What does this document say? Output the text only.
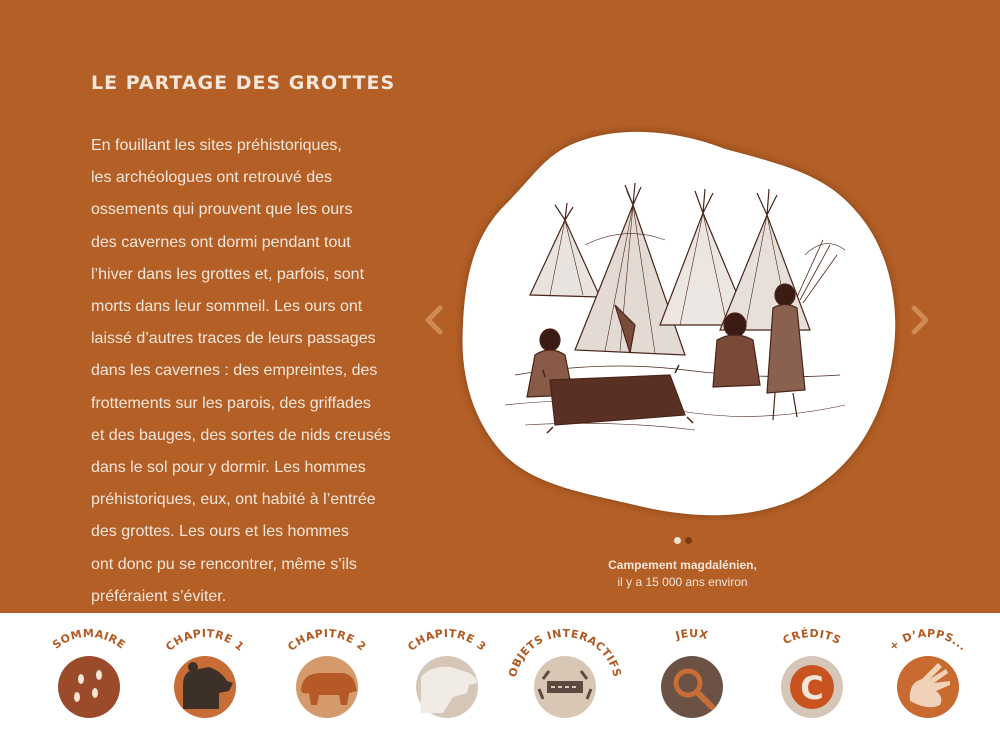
LE PARTAGE DES GROTTES
En fouillant les sites préhistoriques,
les archéologues ont retrouvé des
ossements qui prouvent que les ours
des cavernes ont dormi pendant tout
l’hiver dans les grottes et, parfois, sont
morts dans leur sommeil. Les ours ont
laissé d’autres traces de leurs passages
dans les cavernes : des empreintes, des
frottements sur les parois, des griffades
et des bauges, des sortes de nids creusés
dans le sol pour y dormir. Les hommes
préhistoriques, eux, ont habité à l’entrée
des grottes. Les ours et les hommes
ont donc pu se rencontrer, même s’ils
préféraient s’éviter.
Campement magdalénien,
il y a 15 000 ans environ
SOMMAIRE	CHAPITRE 1	CHAPITRE 2	CHAPITRE 3
OBJETS INTERACTIFS
JEUX
C
CRÉDITS	+ D’APPS...
